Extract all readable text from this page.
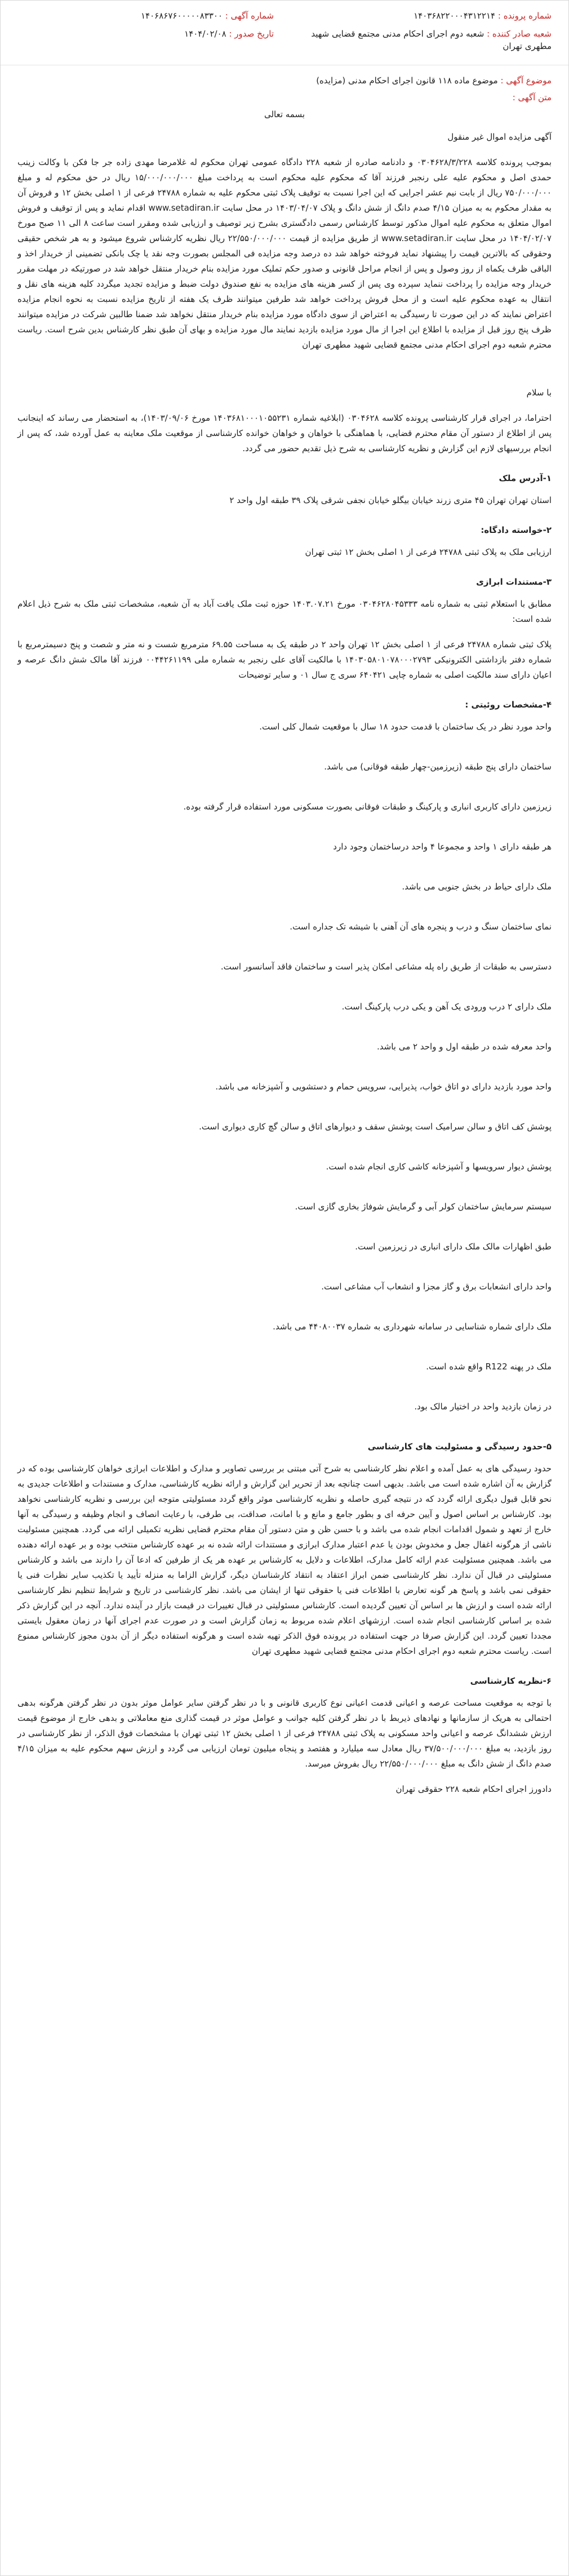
شماره آگهی : ۱۴۰۶۸۶۷۶۰۰۰۰۰۸۳۳۰۰
تاریخ صدور : ۱۴۰۴/۰۲/۰۸
شماره پرونده : ۱۴۰۳۶۸۲۲۰۰۰۴۳۱۲۲۱۴
شعبه صادر کننده : شعبه دوم اجرای احکام مدنی مجتمع قضایی شهید مطهری تهران
موضوع آگهی : موضوع ماده ۱۱۸ قانون اجرای احکام مدنی (مزایده)
متن آگهی :
بسمه تعالی

آگهی مزایده اموال غیر منقول

بموجب پرونده کلاسه ۰۳۰۴۶۲۸/۳/۲۲۸ و دادنامه صادره از شعبه ۲۲۸ دادگاه عمومی تهران محکوم له غلامرضا مهدی زاده جر جا فکن با وکالت زینب حمدی اصل و محکوم علیه علی رنجبر فرزند آقا که محکوم علیه محکوم است به پرداخت مبلغ ۱۵/۰۰۰/۰۰۰/۰۰۰ ریال در حق محکوم له و مبلغ ۷۵۰/۰۰۰/۰۰۰ ریال از بابت نیم عشر اجرایی که این اجرا نسبت به توقیف پلاک ثبتی محکوم علیه به شماره ۲۴۷۸۸ فرعی از ۱ اصلی بخش ۱۲ و فروش آن به مقدار محکوم به به میزان ۴/۱۵ صدم دانگ از شش دانگ و پلاک ۱۴۰۳/۰۴/۰۷ در محل سایت www.setadiran.ir اقدام نماید و پس از توقیف و فروش اموال متعلق به محکوم علیه اموال مذکور توسط کارشناس رسمی دادگستری بشرح زیر توصیف و ارزیابی شده ومقرر است ساعت ۸ الی ۱۱ صبح مورخ ۱۴۰۴/۰۲/۰۷ در محل سایت www.setadiran.ir از طریق مزایده از قیمت ۲۲/۵۵۰/۰۰۰/۰۰۰ ریال نظریه کارشناس شروع میشود و به هر شخص حقیقی وحقوقی که بالاترین قیمت را پیشنهاد نماید فروخته خواهد شد ده درصد وجه مزایده فی المجلس بصورت وجه نقد یا چک بانکی تضمینی از خریدار اخذ و الباقی ظرف یکماه از روز وصول و پس از انجام مراحل قانونی و صدور حکم تملیک مورد مزایده بنام خریدار منتقل خواهد شد در صورتیکه در مهلت مقرر خریدار وجه مزایده را پرداخت ننماید سپرده وی پس از کسر هزینه های مزایده به نفع صندوق دولت ضبط و مزایده تجدید میگردد کلیه هزینه های نقل و انتقال به عهده محکوم علیه است و از محل فروش پرداخت خواهد شد طرفین میتوانند ظرف یک هفته از تاریخ مزایده نسبت به نحوه انجام مزایده اعتراض نمایند که در این صورت تا رسیدگی به اعتراض از سوی دادگاه مورد مزایده بنام خریدار منتقل نخواهد شد ضمنا طالبین شرکت در مزایده میتوانند ظرف پنج روز قبل از مزایده با اطلاع این اجرا از مال مورد مزایده بازدید نمایند مال مورد مزایده و بهای آن طبق نظر کارشناس بدین شرح است. ریاست محترم شعبه دوم اجرای احکام مدنی مجتمع قضایی شهید مطهری تهران

با سلام

احتراما، در اجرای قرار کارشناسی پرونده کلاسه ۰۳۰۴۶۲۸ (ابلاغیه شماره ۱۴۰۳۶۸۱۰۰۰۱۰۵۵۲۳۱ مورخ ۱۴۰۳/۰۹/۰۶)، به استحضار می رساند که اینجانب پس از اطلاع از دستور آن مقام محترم قضایی، با هماهنگی با خواهان و خواهان خوانده کارشناسی از موقعیت ملک معاینه به عمل آورده شد، که پس از انجام بررسیهای لازم این گزارش و نظریه کارشناسی به شرح ذیل تقدیم حضور می گردد.

۱-آدرس ملک

استان تهران تهران ۴۵ متری زرند خیابان بیگلو خیابان نجفی شرقی پلاک ۳۹ طبقه اول واحد ۲

۲-خواسته دادگاه:

ارزیابی ملک به پلاک ثبتی ۲۴۷۸۸ فرعی از ۱ اصلی بخش ۱۲ ثبتی تهران

۳-مستندات ابرازی

مطابق با استعلام ثبتی به شماره نامه ۰۳۰۴۶۲۸۰۴۵۳۳۳ مورخ ۱۴۰۳.۰۷.۲۱ حوزه ثبت ملک یافت آباد به آن شعبه، مشخصات ثبتی ملک به شرح ذیل اعلام شده است:

پلاک ثبتی شماره ۲۴۷۸۸ فرعی از ۱ اصلی بخش ۱۲ تهران واحد ۲ در طبقه یک به مساحت ۶۹.۵۵ مترمربع شست و نه متر و شصت و پنج دسیمترمربع با شماره دفتر بازداشتی الکترونیکی ۱۴۰۳۰۵۸۰۱۰۷۸۰۰۰۲۷۹۳ با مالکیت آقای علی رنجبر به شماره ملی ۰۰۴۴۲۶۱۱۹۹ فرزند آقا مالک شش دانگ عرصه و اعیان دارای سند مالکیت اصلی به شماره چاپی ۶۴۰۴۲۱ سری ج سال ۰۱ و سایر توضیحات

۴-مشخصات روئیتی :

واحد مورد نظر در یک ساختمان با قدمت حدود ۱۸ سال با موقعیت شمال کلی است.

ساختمان دارای پنج طبقه (زیرزمین-چهار طبقه فوقانی) می باشد.

زیرزمین دارای کاربری انباری و پارکینگ و طبقات فوقانی بصورت مسکونی مورد استفاده قرار گرفته بوده.

هر طبقه دارای ۱ واحد و مجموعا ۴ واحد درساختمان وجود دارد

ملک دارای حیاط در بخش جنوبی می باشد.

نمای ساختمان سنگ و درب و پنجره های آن آهنی با شیشه تک جداره است.

دسترسی به طبقات از طریق راه پله مشاعی امکان پذیر است و ساختمان فاقد آسانسور است.

ملک دارای ۲ درب ورودی یک آهن و یکی درب پارکینگ است.

واحد معرفه شده در طبقه اول و واحد ۲ می باشد.

واحد مورد بازدید دارای دو اتاق خواب، پذیرایی، سرویس حمام و دستشویی و آشپزخانه می باشد.

پوشش کف اتاق و سالن سرامیک است پوشش سقف و دیوارهای اتاق و سالن گچ کاری دیواری است.

پوشش دیوار سرویسها و آشپزخانه کاشی کاری انجام شده است.

سیستم سرمایش ساختمان کولر آبی و گرمایش شوفاژ بخاری گازی است.

طبق اظهارات مالک ملک دارای انباری در زیرزمین است.

واحد دارای انشعابات برق و گاز مجزا و انشعاب آب مشاعی است.

ملک دارای شماره شناسایی در سامانه شهرداری به شماره ۴۴۰۸۰۰۳۷ می باشد.

ملک در پهنه R122 واقع شده است.

در زمان بازدید واحد در اختیار مالک بود.

۵-حدود رسیدگی و مسئولیت های کارشناسی

حدود رسیدگی های به عمل آمده و اعلام نظر کارشناسی به شرح آتی مبتنی بر بررسی تصاویر و مدارک و اطلاعات ابرازی خواهان کارشناسی بوده که در گزارش به آن اشاره شده است می باشد. بدیهی است چنانچه بعد از تحریر این گزارش و ارائه نظریه کارشناسی، مدارک و مستندات و اطلاعات جدیدی به نحو قابل قبول دیگری ارائه گردد که در نتیجه گیری حاصله و نظریه کارشناسی موثر واقع گردد مسئولیتی متوجه این بررسی و نظریه کارشناسی نخواهد بود. کارشناس بر اساس اصول و آیین حرفه ای و بطور جامع و مانع و با امانت، صداقت، بی طرفی، با رعایت انصاف و انجام وظیفه و رسیدگی به آنها خارج از تعهد و شمول اقدامات انجام شده می باشد و با حسن ظن و متن دستور آن مقام محترم قضایی نظریه تکمیلی ارائه می گردد. همچنین مسئولیت ناشی از هرگونه اغفال جعل و مخدوش بودن یا عدم اعتبار مدارک ابرازی و مستندات ارائه شده نه بر عهده کارشناس منتخب بوده و بر عهده ارائه دهنده می باشد. همچنین مسئولیت عدم ارائه کامل مدارک، اطلاعات و دلایل به کارشناس بر عهده هر یک از طرفین که ادعا آن را دارند می باشد و کارشناس مسئولیتی در قبال آن ندارد. نظر کارشناسی ضمن ابراز اعتقاد به انتقاد کارشناسان دیگر، گزارش الزاما به منزله تأیید یا تکذیب سایر نظرات فنی یا حقوقی نمی باشد و پاسخ هر گونه تعارض با اطلاعات فنی یا حقوقی تنها از ایشان می باشد. نظر کارشناسی در تاریخ و شرایط تنظیم نظر کارشناسی ارائه شده است و ارزش ها بر اساس آن تعیین گردیده است. کارشناس مسئولیتی در قبال تغییرات در قیمت بازار در آینده ندارد. آنچه در این گزارش ذکر شده بر اساس کارشناسی انجام شده است. ارزشهای اعلام شده مربوط به زمان گزارش است و در صورت عدم اجرای آنها در زمان معقول بایستی مجددا تعیین گردد. این گزارش صرفا در جهت استفاده در پرونده فوق الذکر تهیه شده است و هرگونه استفاده دیگر از آن بدون مجوز کارشناس ممنوع است. ریاست محترم شعبه دوم اجرای احکام مدنی مجتمع قضایی شهید مطهری تهران

۶-نظریه کارشناسی

با توجه به موقعیت مساحت عرصه و اعیانی قدمت اعیانی نوع کاربری قانونی و با در نظر گرفتن سایر عوامل موثر بدون در نظر گرفتن هرگونه بدهی احتمالی به هریک از سازمانها و نهادهای ذیربط با در نظر گرفتن کلیه جوانب و عوامل موثر در قیمت گذاری منع معاملاتی و بدهی خارج از موضوع قیمت ارزش ششدانگ عرصه و اعیانی واحد مسکونی به پلاک ثبتی ۲۴۷۸۸ فرعی از ۱ اصلی بخش ۱۲ ثبتی تهران با مشخصات فوق الذکر، از نظر کارشناسی در روز بازدید، به مبلغ ۳۷/۵۰۰/۰۰۰/۰۰۰ ریال معادل سه میلیارد و هفتصد و پنجاه میلیون تومان ارزیابی می گردد و ارزش سهم محکوم علیه به میزان ۴/۱۵ صدم دانگ از شش دانگ به مبلغ ۲۲/۵۵۰/۰۰۰/۰۰۰ ریال بفروش میرسد.

دادورز اجرای احکام شعبه ۲۲۸ حقوقی تهران
